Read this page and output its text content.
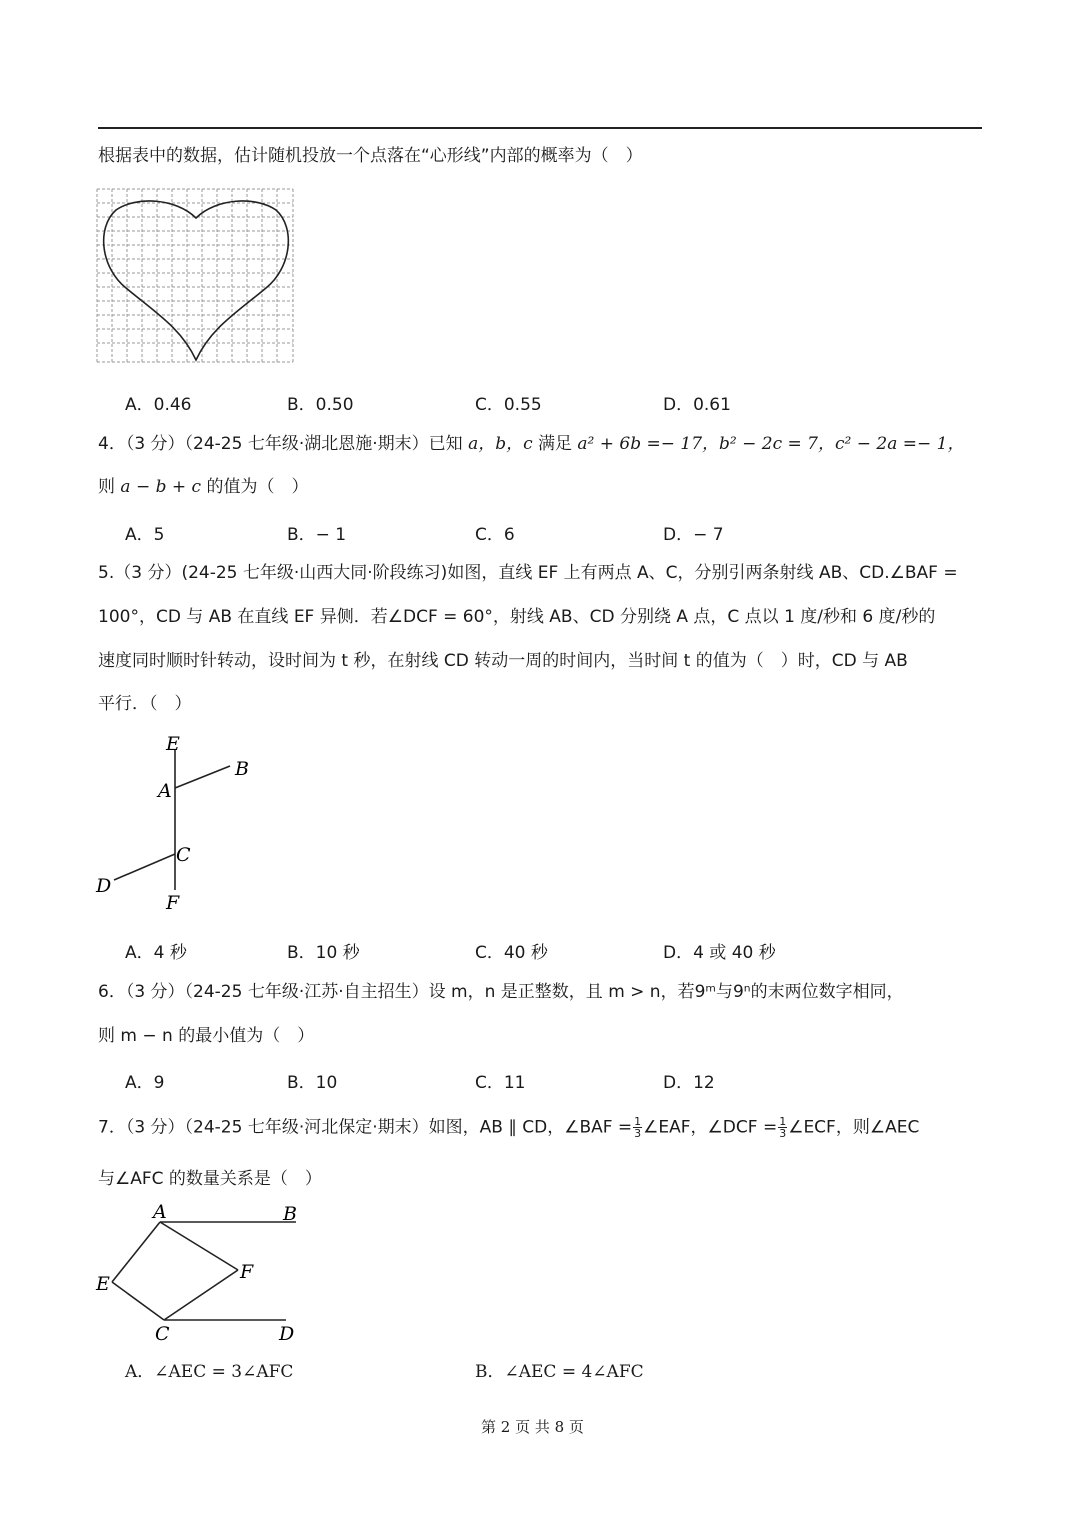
根据表中的数据，估计随机投放一个点落在“心形线”内部的概率为（　）
A．0.46	B．0.50	C．0.55	D．0.61
4．（3 分）（24-25 七年级·湖北恩施·期末）已知 a，b，c 满足 a² + 6b =− 17，b² − 2c = 7，c² − 2a =− 1，
则 a − b + c 的值为（　）
A．5	B．− 1	C．6	D．− 7
5.（3 分）(24-25 七年级·山西大同·阶段练习)如图，直线 EF 上有两点 A、C，分别引两条射线 AB、CD.∠BAF =
100°，CD 与 AB 在直线 EF 异侧．若∠DCF = 60°，射线 AB、CD 分别绕 A 点，C 点以 1 度/秒和 6 度/秒的
速度同时顺时针转动，设时间为 t 秒，在射线 CD 转动一周的时间内，当时间 t 的值为（　）时，CD 与 AB
平行．（　）
E
B
A
C
D
F
A．4 秒	B．10 秒	C．40 秒	D．4 或 40 秒
6．（3 分）（24-25 七年级·江苏·自主招生）设 m，n 是正整数，且 m > n，若9ᵐ与9ⁿ的末两位数字相同，
则 m − n 的最小值为（　）
A．9	B．10	C．11	D．12
7．（3 分）（24-25 七年级·河北保定·期末）如图，AB ∥ CD，∠BAF = $\frac{1}{3}$ ∠EAF，∠DCF = $\frac{1}{3}$ ∠ECF，则∠AEC
与∠AFC 的数量关系是（　）
A	B
E
F
C	D
A．∠AEC = 3∠AFC	B．∠AEC = 4∠AFC
第 2 页 共 8 页
